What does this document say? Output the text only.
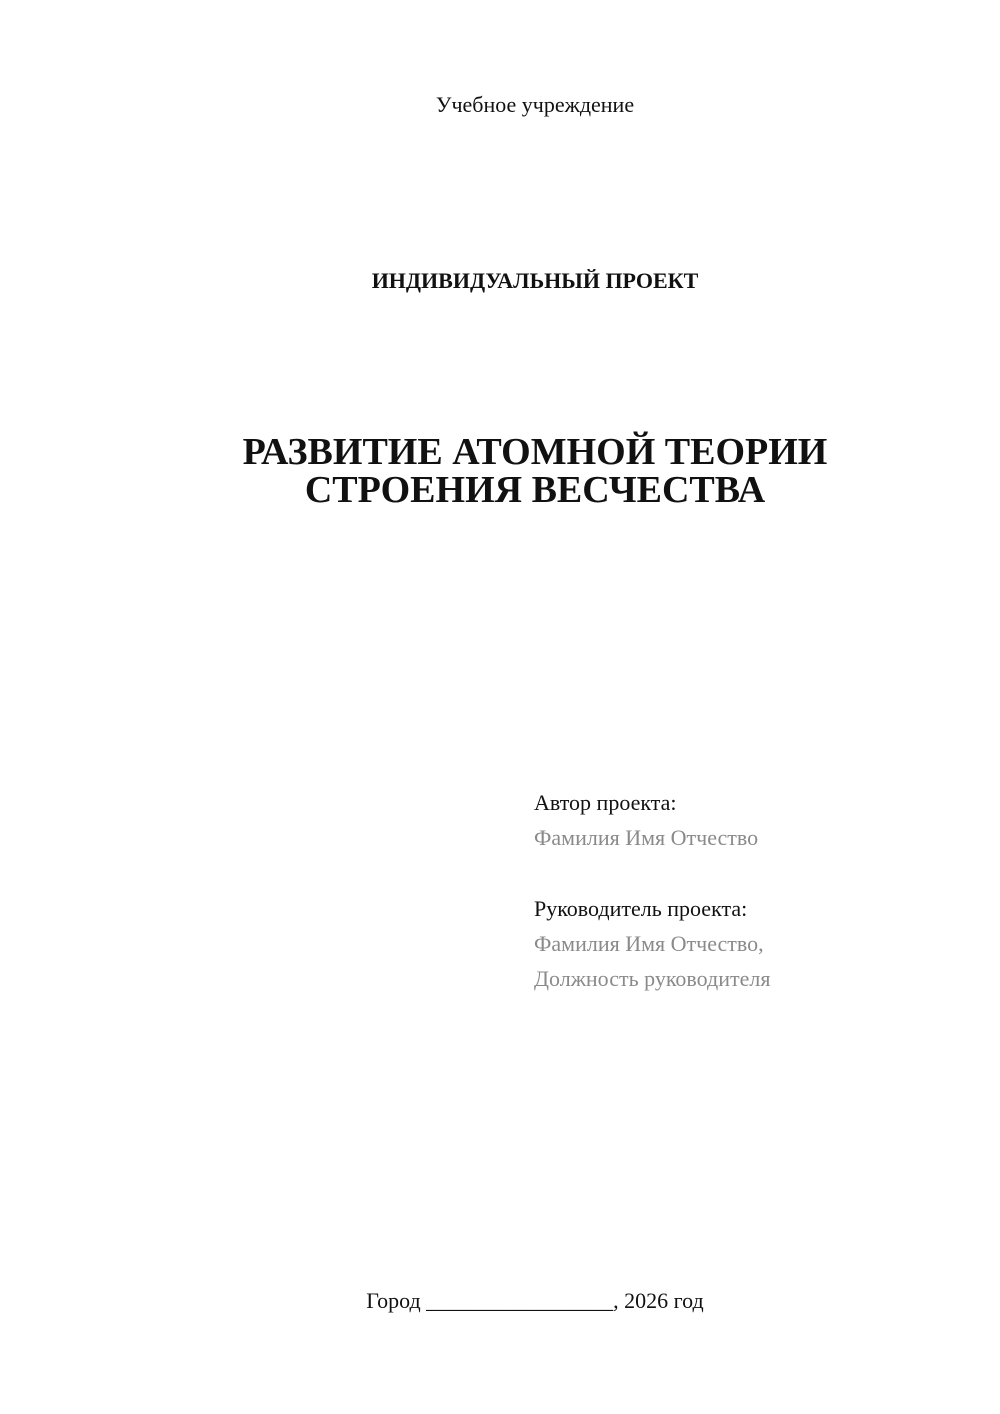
Учебное учреждение
ИНДИВИДУАЛЬНЫЙ ПРОЕКТ
РАЗВИТИЕ АТОМНОЙ ТЕОРИИ
СТРОЕНИЯ ВЕСЧЕСТВА
Автор проекта:
Фамилия Имя Отчество
Руководитель проекта:
Фамилия Имя Отчество,
Должность руководителя
Город _________________, 2026 год
